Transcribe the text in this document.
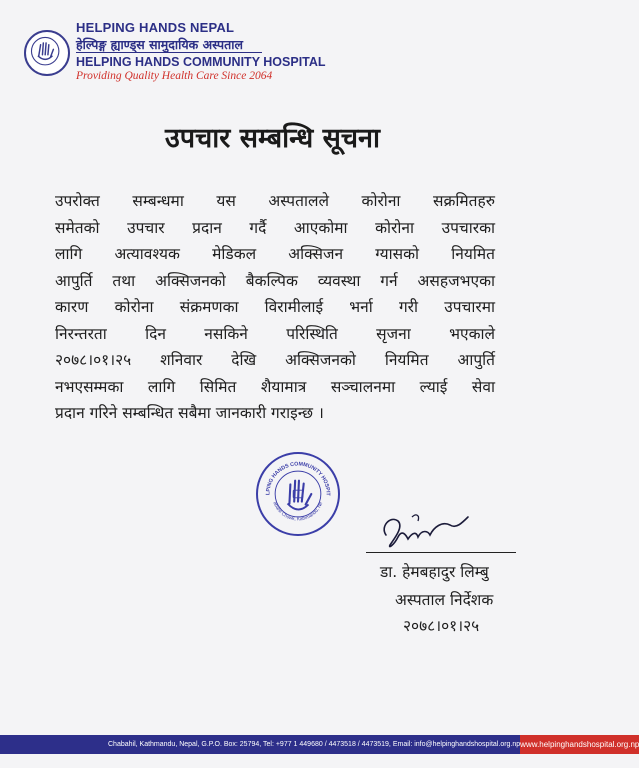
HELPING HANDS NEPAL
हेल्पिङ्ग ह्याण्ड्स सामुदायिक अस्पताल
HELPING HANDS COMMUNITY HOSPITAL
Providing Quality Health Care Since 2064
उपचार सम्बन्धि सूचना
उपरोक्त सम्बन्धमा यस अस्पतालले कोरोना सक्रमितहरु
समेतको उपचार प्रदान गर्दै आएकोमा कोरोना उपचारका
लागि अत्यावश्यक मेडिकल अक्सिजन ग्यासको नियमित
आपुर्ति तथा अक्सिजनको बैकल्पिक व्यवस्था गर्न असहजभएका
कारण कोरोना संक्रमणका विरामीलाई भर्ना गरी उपचारमा
निरन्तरता दिन नसकिने परिस्थिति सृजना भएकाले
२०७८।०१।२५ शनिवार देखि अक्सिजनको नियमित आपुर्ति
नभएसम्मका लागि सिमित शैयामात्र सञ्चालनमा ल्याई सेवा
प्रदान गरिने सम्बन्धित सबैमा जानकारी गराइन्छ ।
LPING HANDS COMMUNITY HOSPIT
abahil Chowk, Kathmandu, Ne
डा. हेमबहादुर लिम्बु
अस्पताल निर्देशक
२०७८।०१।२५
Chabahil, Kathmandu, Nepal, G.P.O. Box: 25794, Tel: +977 1 449680 / 4473518 / 4473519, Email: info@helpinghandshospital.org.np www.helpinghandshospital.org.np
